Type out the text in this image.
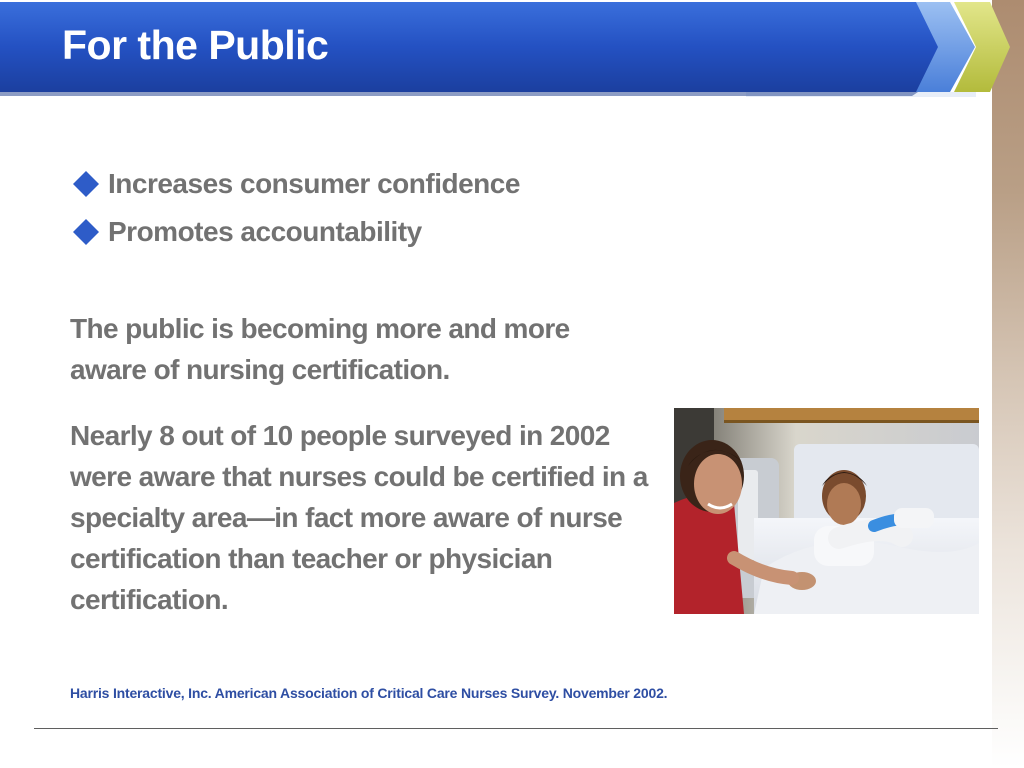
For the Public
Increases consumer confidence
Promotes accountability
The public is becoming more and more aware of nursing certification.
Nearly 8 out of 10 people surveyed in 2002 were aware that nurses could be certified in a specialty area—in fact more aware of nurse certification than teacher or physician certification.
Harris Interactive, Inc. American Association of Critical Care Nurses Survey. November 2002.
